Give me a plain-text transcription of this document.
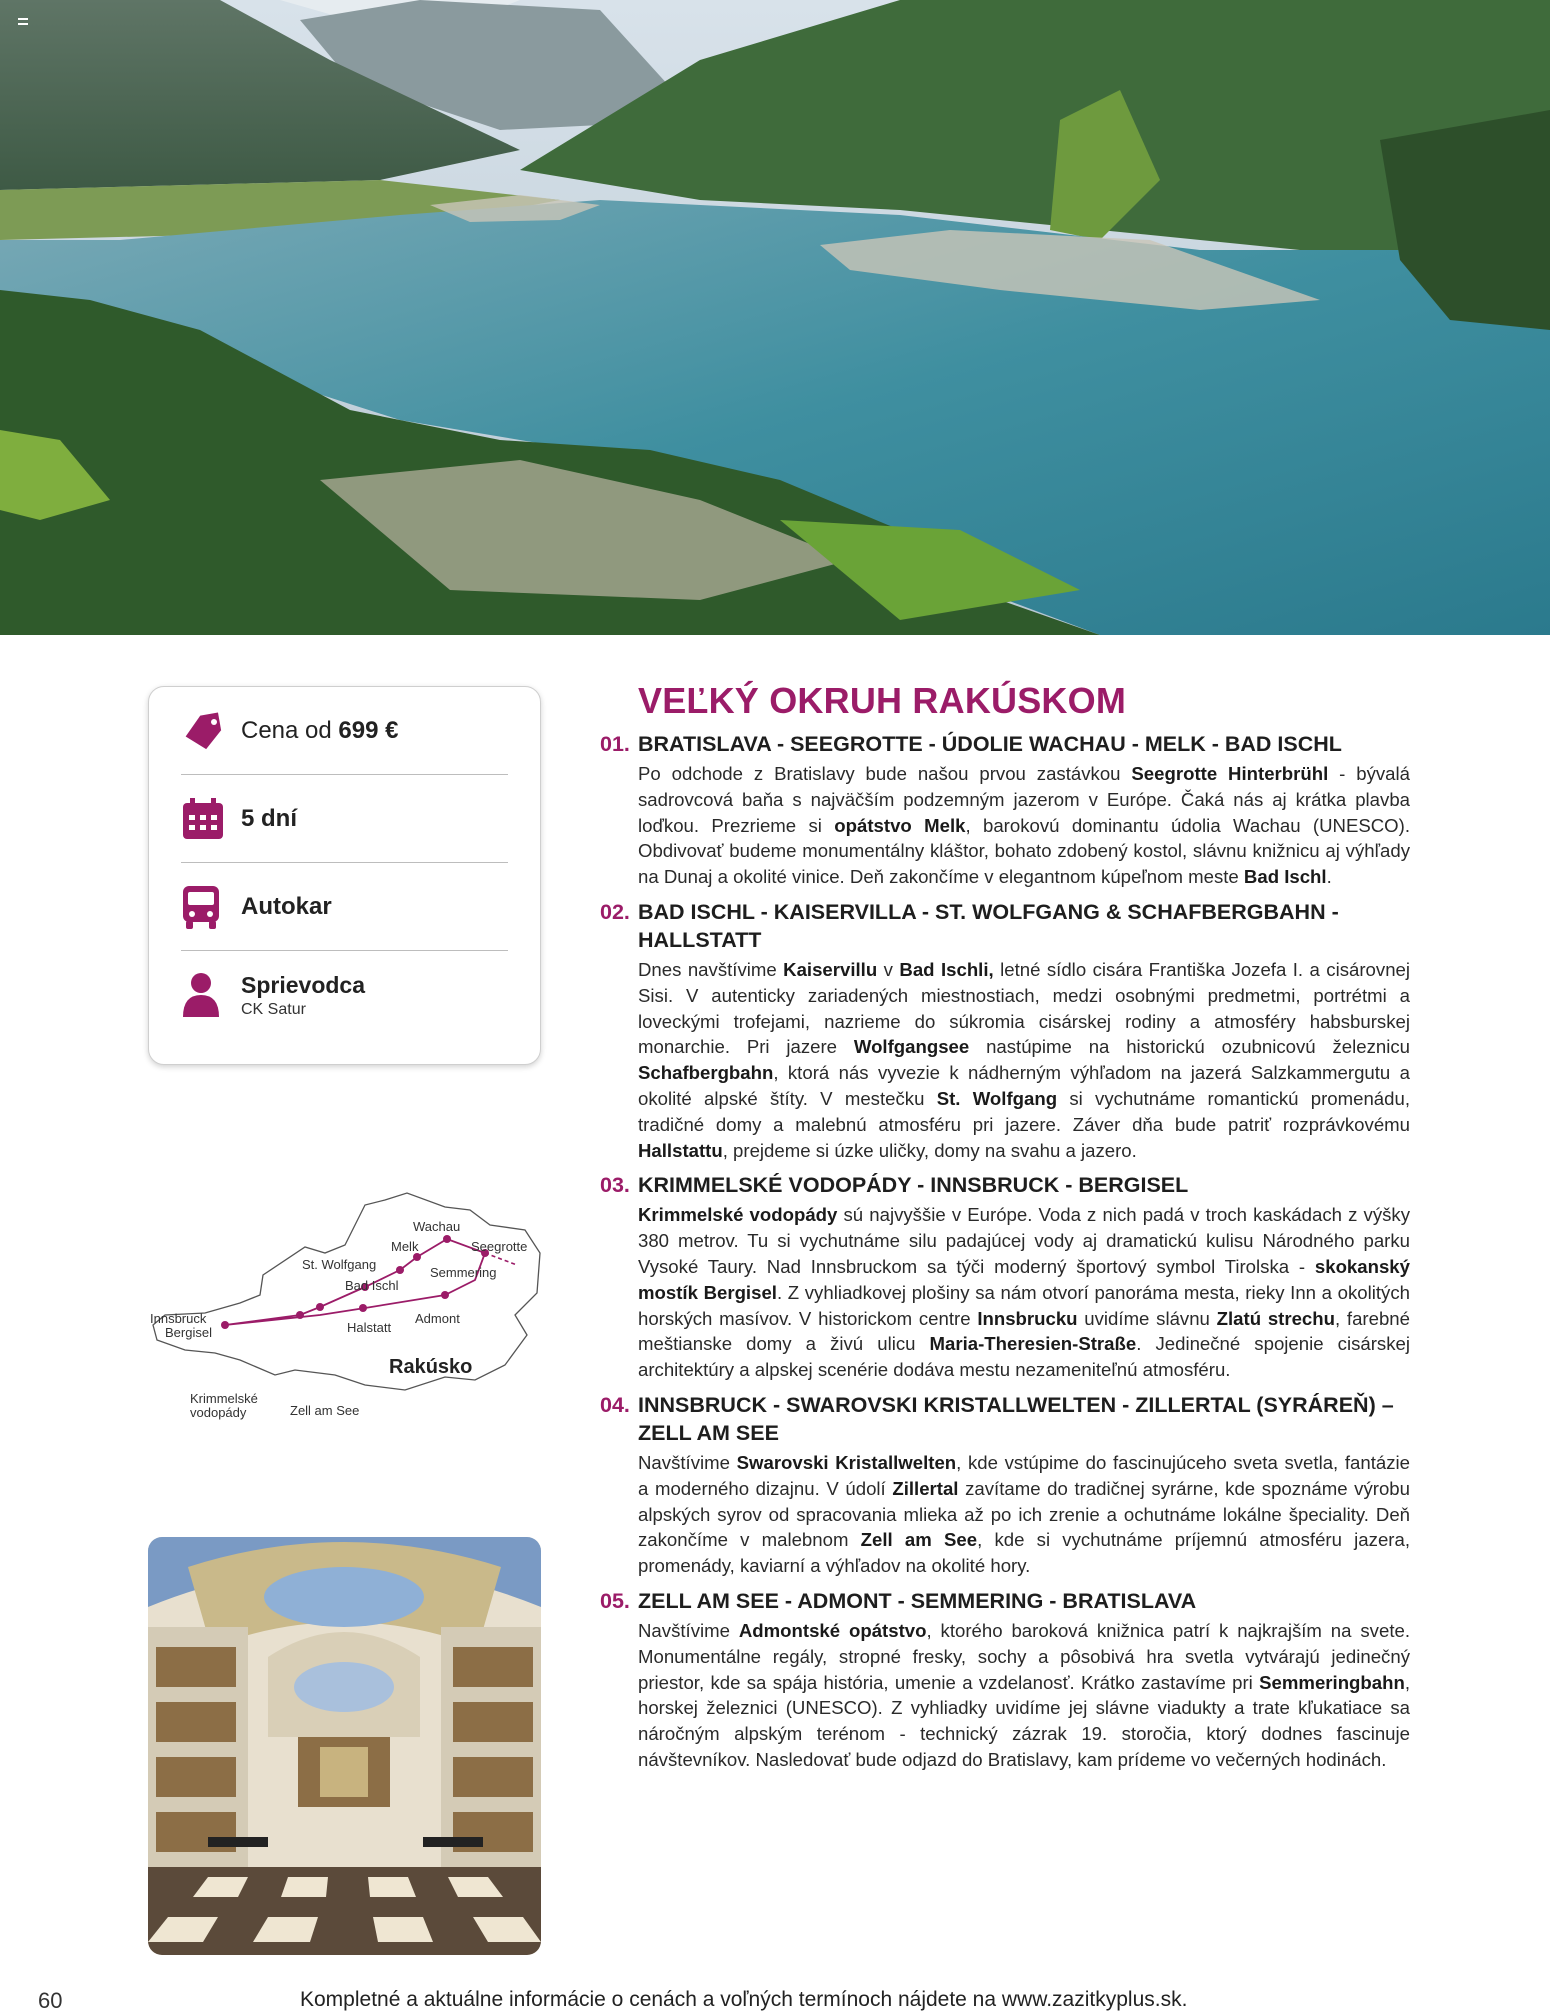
Cena od 699 €
5 dní
Autokar
Sprievodca
CK Satur
Wachau
Melk	Seegrotte
St. Wolfgang
Semmering
Bad Ischl
Innsbruck	Admont
Bergisel	Halstatt
Krimmelské
vodopády	Zell am See
Rakúsko
VEĽKÝ OKRUH RAKÚSKOM
01. BRATISLAVA - SEEGROTTE - ÚDOLIE WACHAU - MELK - BAD ISCHL

Po odchode z Bratislavy bude našou prvou zastávkou Seegrotte Hinterbrühl - bývalá sadrovcová baňa s najväčším podzemným jazerom v Európe. Čaká nás aj krátka plavba loďkou. Prezrieme si opátstvo Melk, barokovú dominantu údolia Wachau (UNESCO). Obdivovať budeme monumentálny kláštor, bohato zdobený kostol, slávnu knižnicu aj výhľady na Dunaj a okolité vinice. Deň zakončíme v elegantnom kúpeľnom meste Bad Ischl.

02. BAD ISCHL - KAISERVILLA - ST. WOLFGANG & SCHAFBERGBAHN - HALLSTATT

Dnes navštívime Kaiservillu v Bad Ischli, letné sídlo cisára Františka Jozefa I. a cisárovnej Sisi. V autenticky zariadených miestnostiach, medzi osobnými predmetmi, portrétmi a loveckými trofejami, nazrieme do súkromia cisárskej rodiny a atmosféry habsburskej monarchie. Pri jazere Wolfgangsee nastúpime na historickú ozubnicovú železnicu Schafbergbahn, ktorá nás vyvezie k nádherným výhľadom na jazerá Salzkammergutu a okolité alpské štíty. V mestečku St. Wolfgang si vychutnáme romantickú promenádu, tradičné domy a malebnú atmosféru pri jazere. Záver dňa bude patriť rozprávkovému Hallstattu, prejdeme si úzke uličky, domy na svahu a jazero.

03. KRIMMELSKÉ VODOPÁDY - INNSBRUCK - BERGISEL

Krimmelské vodopády sú najvyššie v Európe. Voda z nich padá v troch kaskádach z výšky 380 metrov. Tu si vychutnáme silu padajúcej vody aj dramatickú kulisu Národného parku Vysoké Taury. Nad Innsbruckom sa týči moderný športový symbol Tirolska - skokanský mostík Bergisel. Z vyhliadkovej plošiny sa nám otvorí panoráma mesta, rieky Inn a okolitých horských masívov. V historickom centre Innsbrucku uvidíme slávnu Zlatú strechu, farebné meštianske domy a živú ulicu Maria-Theresien-Straße. Jedinečné spojenie cisárskej architektúry a alpskej scenérie dodáva mestu nezameniteľnú atmosféru.

04. INNSBRUCK - SWAROVSKI KRISTALLWELTEN - ZILLERTAL (SYRÁREŇ) – ZELL AM SEE

Navštívime Swarovski Kristallwelten, kde vstúpime do fascinujúceho sveta svetla, fantázie a moderného dizajnu. V údolí Zillertal zavítame do tradičnej syrárne, kde spoznáme výrobu alpských syrov od spracovania mlieka až po ich zrenie a ochutnáme lokálne špeciality. Deň zakončíme v malebnom Zell am See, kde si vychutnáme príjemnú atmosféru jazera, promenády, kaviarní a výhľadov na okolité hory.

05. ZELL AM SEE - ADMONT - SEMMERING - BRATISLAVA

Navštívime Admontské opátstvo, ktorého baroková knižnica patrí k najkrajším na svete. Monumentálne regály, stropné fresky, sochy a pôsobivá hra svetla vytvárajú jedinečný priestor, kde sa spája história, umenie a vzdelanosť. Krátko zastavíme pri Semmeringbahn, horskej železnici (UNESCO). Z vyhliadky uvidíme jej slávne viadukty a trate kľukatiace sa náročným alpským terénom - technický zázrak 19. storočia, ktorý dodnes fascinuje návštevníkov. Nasledovať bude odjazd do Bratislavy, kam prídeme vo večerných hodinách.

60	Kompletné a aktuálne informácie o cenách a voľných termínoch nájdete na www.zazitkyplus.sk.
